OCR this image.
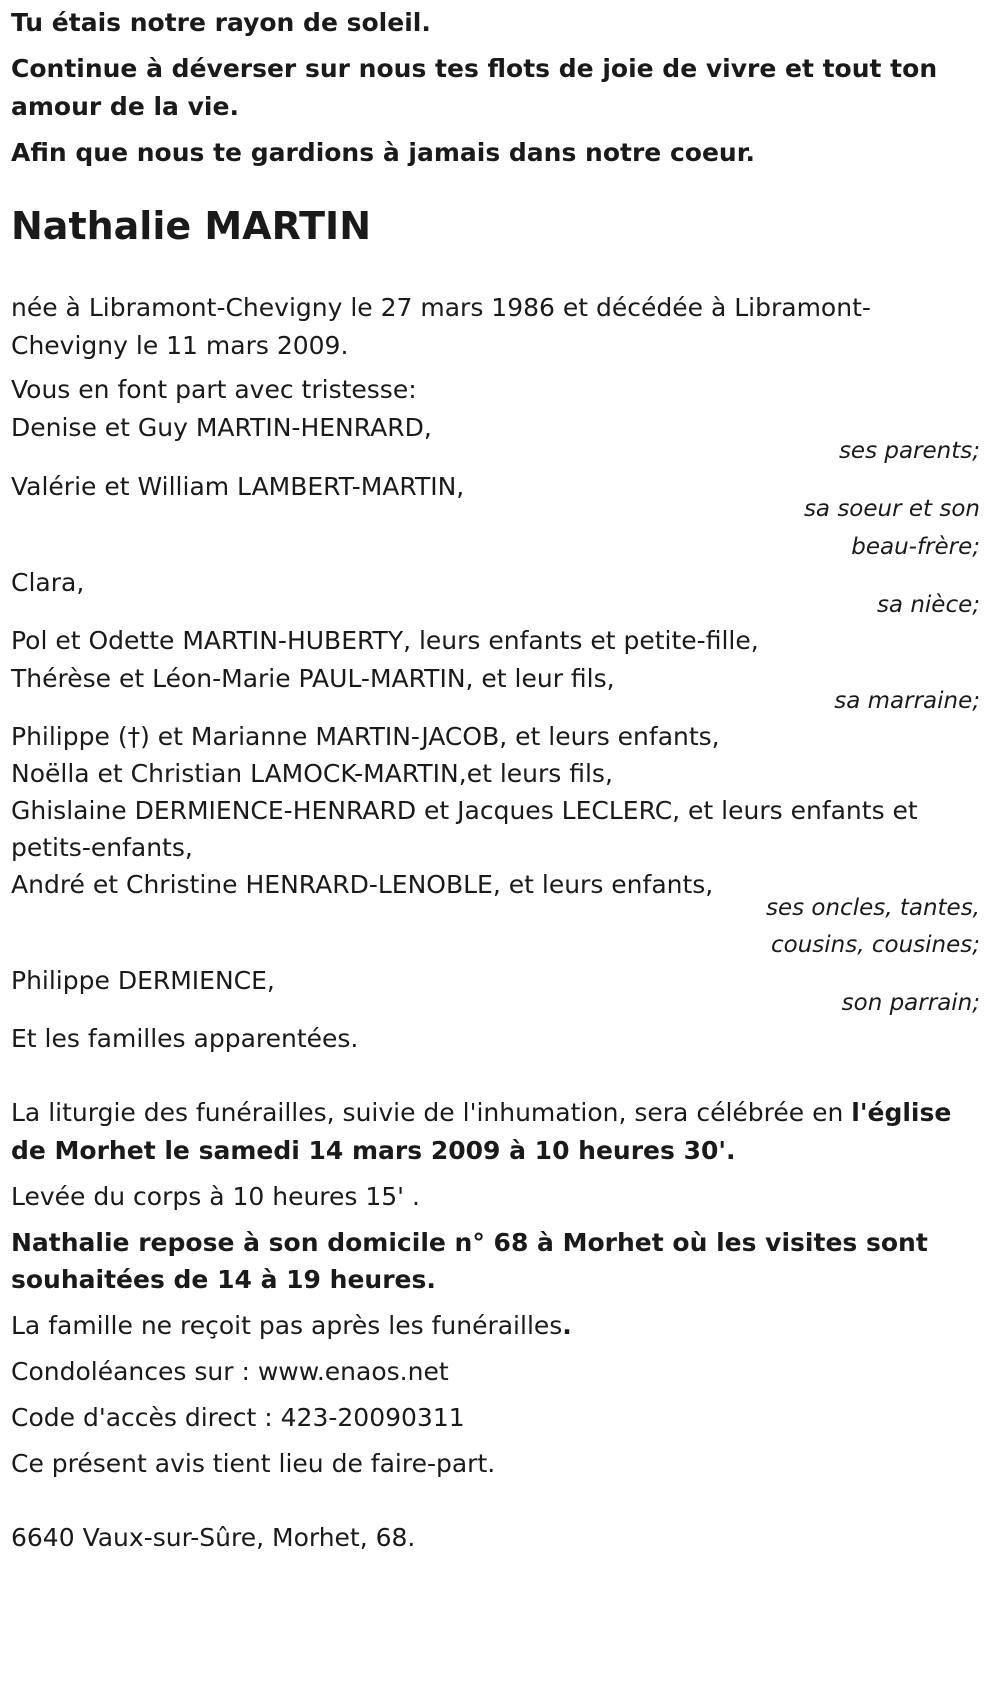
Tu étais notre rayon de soleil.

Continue à déverser sur nous tes flots de joie de vivre et tout ton

amour de la vie.

Afin que nous te gardions à jamais dans notre coeur.

Nathalie MARTIN

née à Libramont-Chevigny le 27 mars 1986 et décédée à Libramont-

Chevigny le 11 mars 2009.

Vous en font part avec tristesse:

Denise et Guy MARTIN-HENRARD,

ses parents;

Valérie et William LAMBERT-MARTIN,

sa soeur et son

beau-frère;

Clara,

sa nièce;

Pol et Odette MARTIN-HUBERTY, leurs enfants et petite-fille,

Thérèse et Léon-Marie PAUL-MARTIN, et leur fils,

sa marraine;

Philippe (†) et Marianne MARTIN-JACOB, et leurs enfants,

Noëlla et Christian LAMOCK-MARTIN,et leurs fils,

Ghislaine DERMIENCE-HENRARD et Jacques LECLERC, et leurs enfants et

petits-enfants,

André et Christine HENRARD-LENOBLE, et leurs enfants,

ses oncles, tantes,

cousins, cousines;

Philippe DERMIENCE,

son parrain;

Et les familles apparentées.

La liturgie des funérailles, suivie de l'inhumation, sera célébrée en l'église

de Morhet le samedi 14 mars 2009 à 10 heures 30'.

Levée du corps à 10 heures 15' .

Nathalie repose à son domicile n° 68 à Morhet où les visites sont

souhaitées de 14 à 19 heures.

La famille ne reçoit pas après les funérailles.

Condoléances sur : www.enaos.net

Code d'accès direct : 423-20090311

Ce présent avis tient lieu de faire-part.

6640 Vaux-sur-Sûre, Morhet, 68.
